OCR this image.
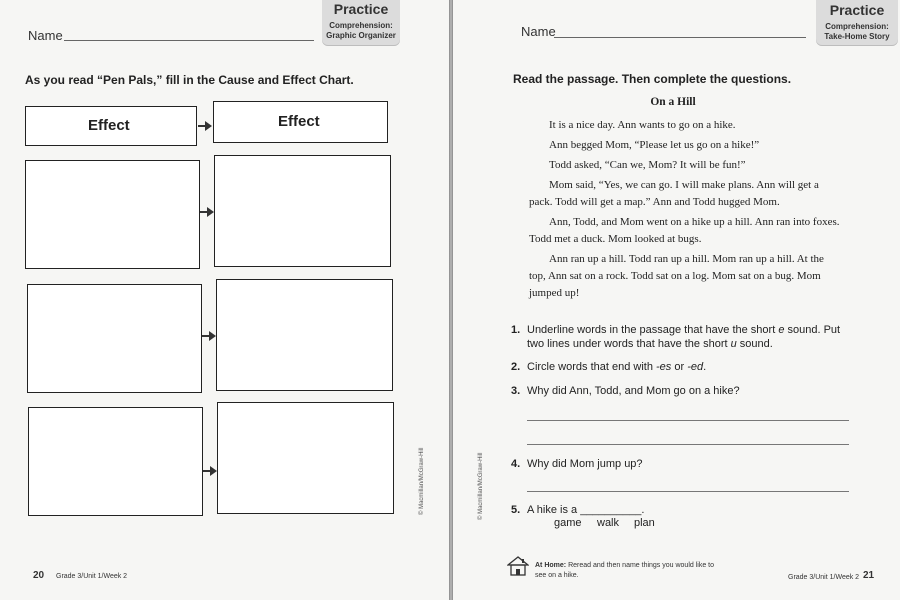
Name
Practice
Comprehension:
Graphic Organizer
As you read “Pen Pals,” fill in the Cause and Effect Chart.
Effect	Effect
© Macmillan/McGraw-Hill
20 Grade 3/Unit 1/Week 2
Name
Practice
Comprehension:
Take-Home Story
Read the passage. Then complete the questions.
On a Hill

It is a nice day. Ann wants to go on a hike.

Ann begged Mom, “Please let us go on a hike!”

Todd asked, “Can we, Mom? It will be fun!”

Mom said, “Yes, we can go. I will make plans. Ann will get a pack. Todd will get a map.” Ann and Todd hugged Mom.

Ann, Todd, and Mom went on a hike up a hill. Ann ran into foxes. Todd met a duck. Mom looked at bugs.

Ann ran up a hill. Todd ran up a hill. Mom ran up a hill. At the top, Ann sat on a rock. Todd sat on a log. Mom sat on a bug. Mom jumped up!

1. Underline words in the passage that have the short e sound. Put two lines under words that have the short u sound.
2. Circle words that end with -es or -ed.
3. Why did Ann, Todd, and Mom go on a hike?
4. Why did Mom jump up?
5. A hike is a __________.
game walk plan
© Macmillan/McGraw-Hill
At Home: Reread and then name things you would like to
see on a hike.	Grade 3/Unit 1/Week 2 21
